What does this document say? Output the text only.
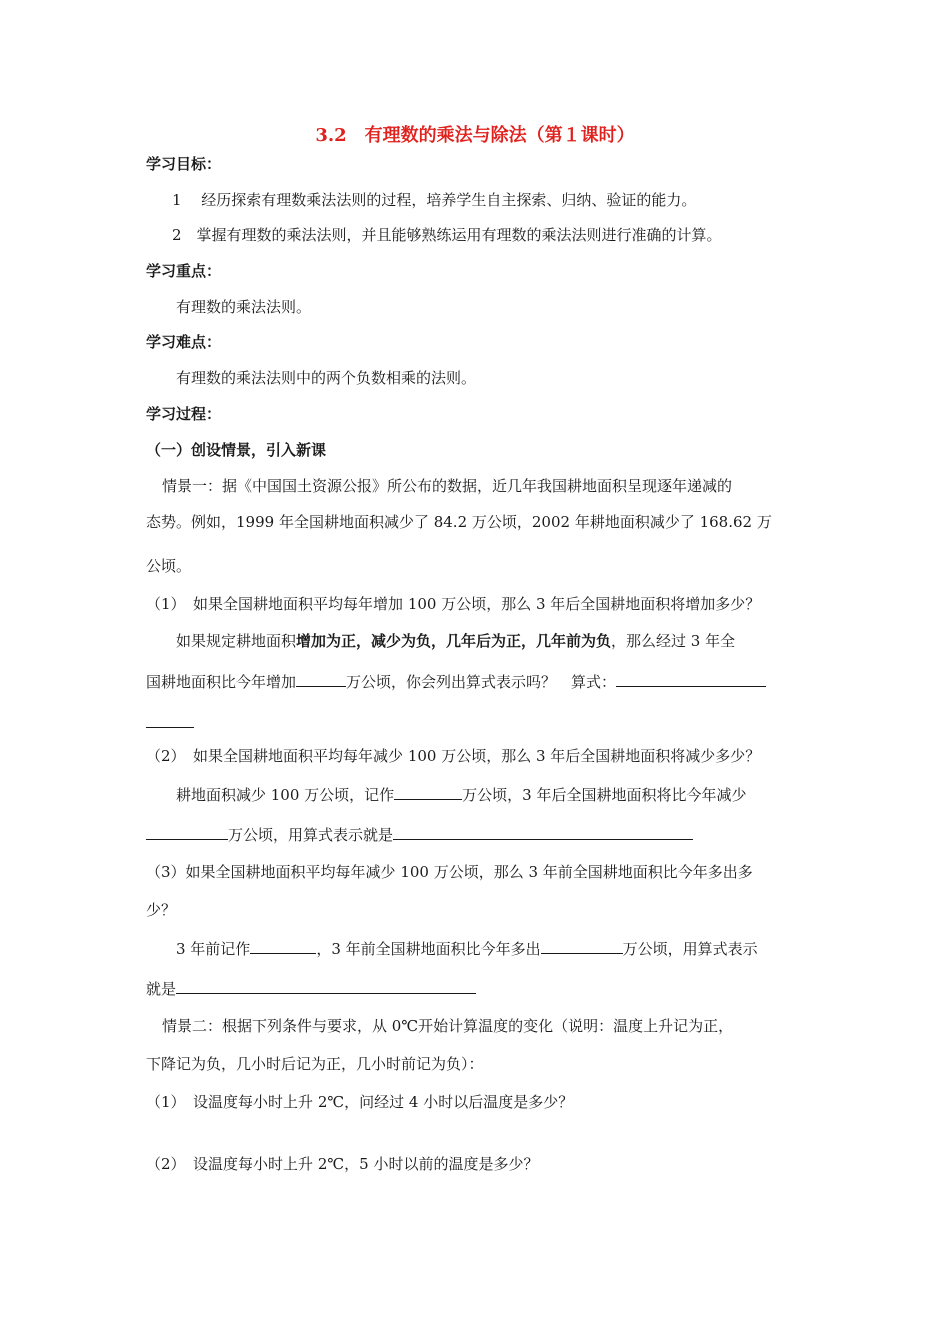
3.2　有理数的乘法与除法（第１课时）
学习目标：
1　 经历探索有理数乘法法则的过程，培养学生自主探索、归纳、验证的能力。
2　掌握有理数的乘法法则，并且能够熟练运用有理数的乘法法则进行准确的计算。
学习重点：
有理数的乘法法则。
学习难点：
有理数的乘法法则中的两个负数相乘的法则。
学习过程：
（一）创设情景，引入新课
情景一：据《中国国土资源公报》所公布的数据，近几年我国耕地面积呈现逐年递减的
态势。例如，1999 年全国耕地面积减少了 84.2 万公顷，2002 年耕地面积减少了 168.62 万
公顷。
（1）　如果全国耕地面积平均每年增加 100 万公顷，那么 3 年后全国耕地面积将增加多少？
如果规定耕地面积增加为正，减少为负，几年后为正，几年前为负，那么经过 3 年全
国耕地面积比今年增加	万公顷，你会列出算式表示吗？　算式：
（2）　如果全国耕地面积平均每年减少 100 万公顷，那么 3 年后全国耕地面积将减少多少？
耕地面积减少 100 万公顷，记作	万公顷，3 年后全国耕地面积将比今年减少
万公顷，用算式表示就是
（3）如果全国耕地面积平均每年减少 100 万公顷，那么 3 年前全国耕地面积比今年多出多
少？
3 年前记作	，3 年前全国耕地面积比今年多出	万公顷，用算式表示
就是
情景二：根据下列条件与要求，从 0℃开始计算温度的变化（说明：温度上升记为正，
下降记为负，几小时后记为正，几小时前记为负）：
（1）　设温度每小时上升 2℃，问经过 4 小时以后温度是多少？
（2）　设温度每小时上升 2℃，5 小时以前的温度是多少？
